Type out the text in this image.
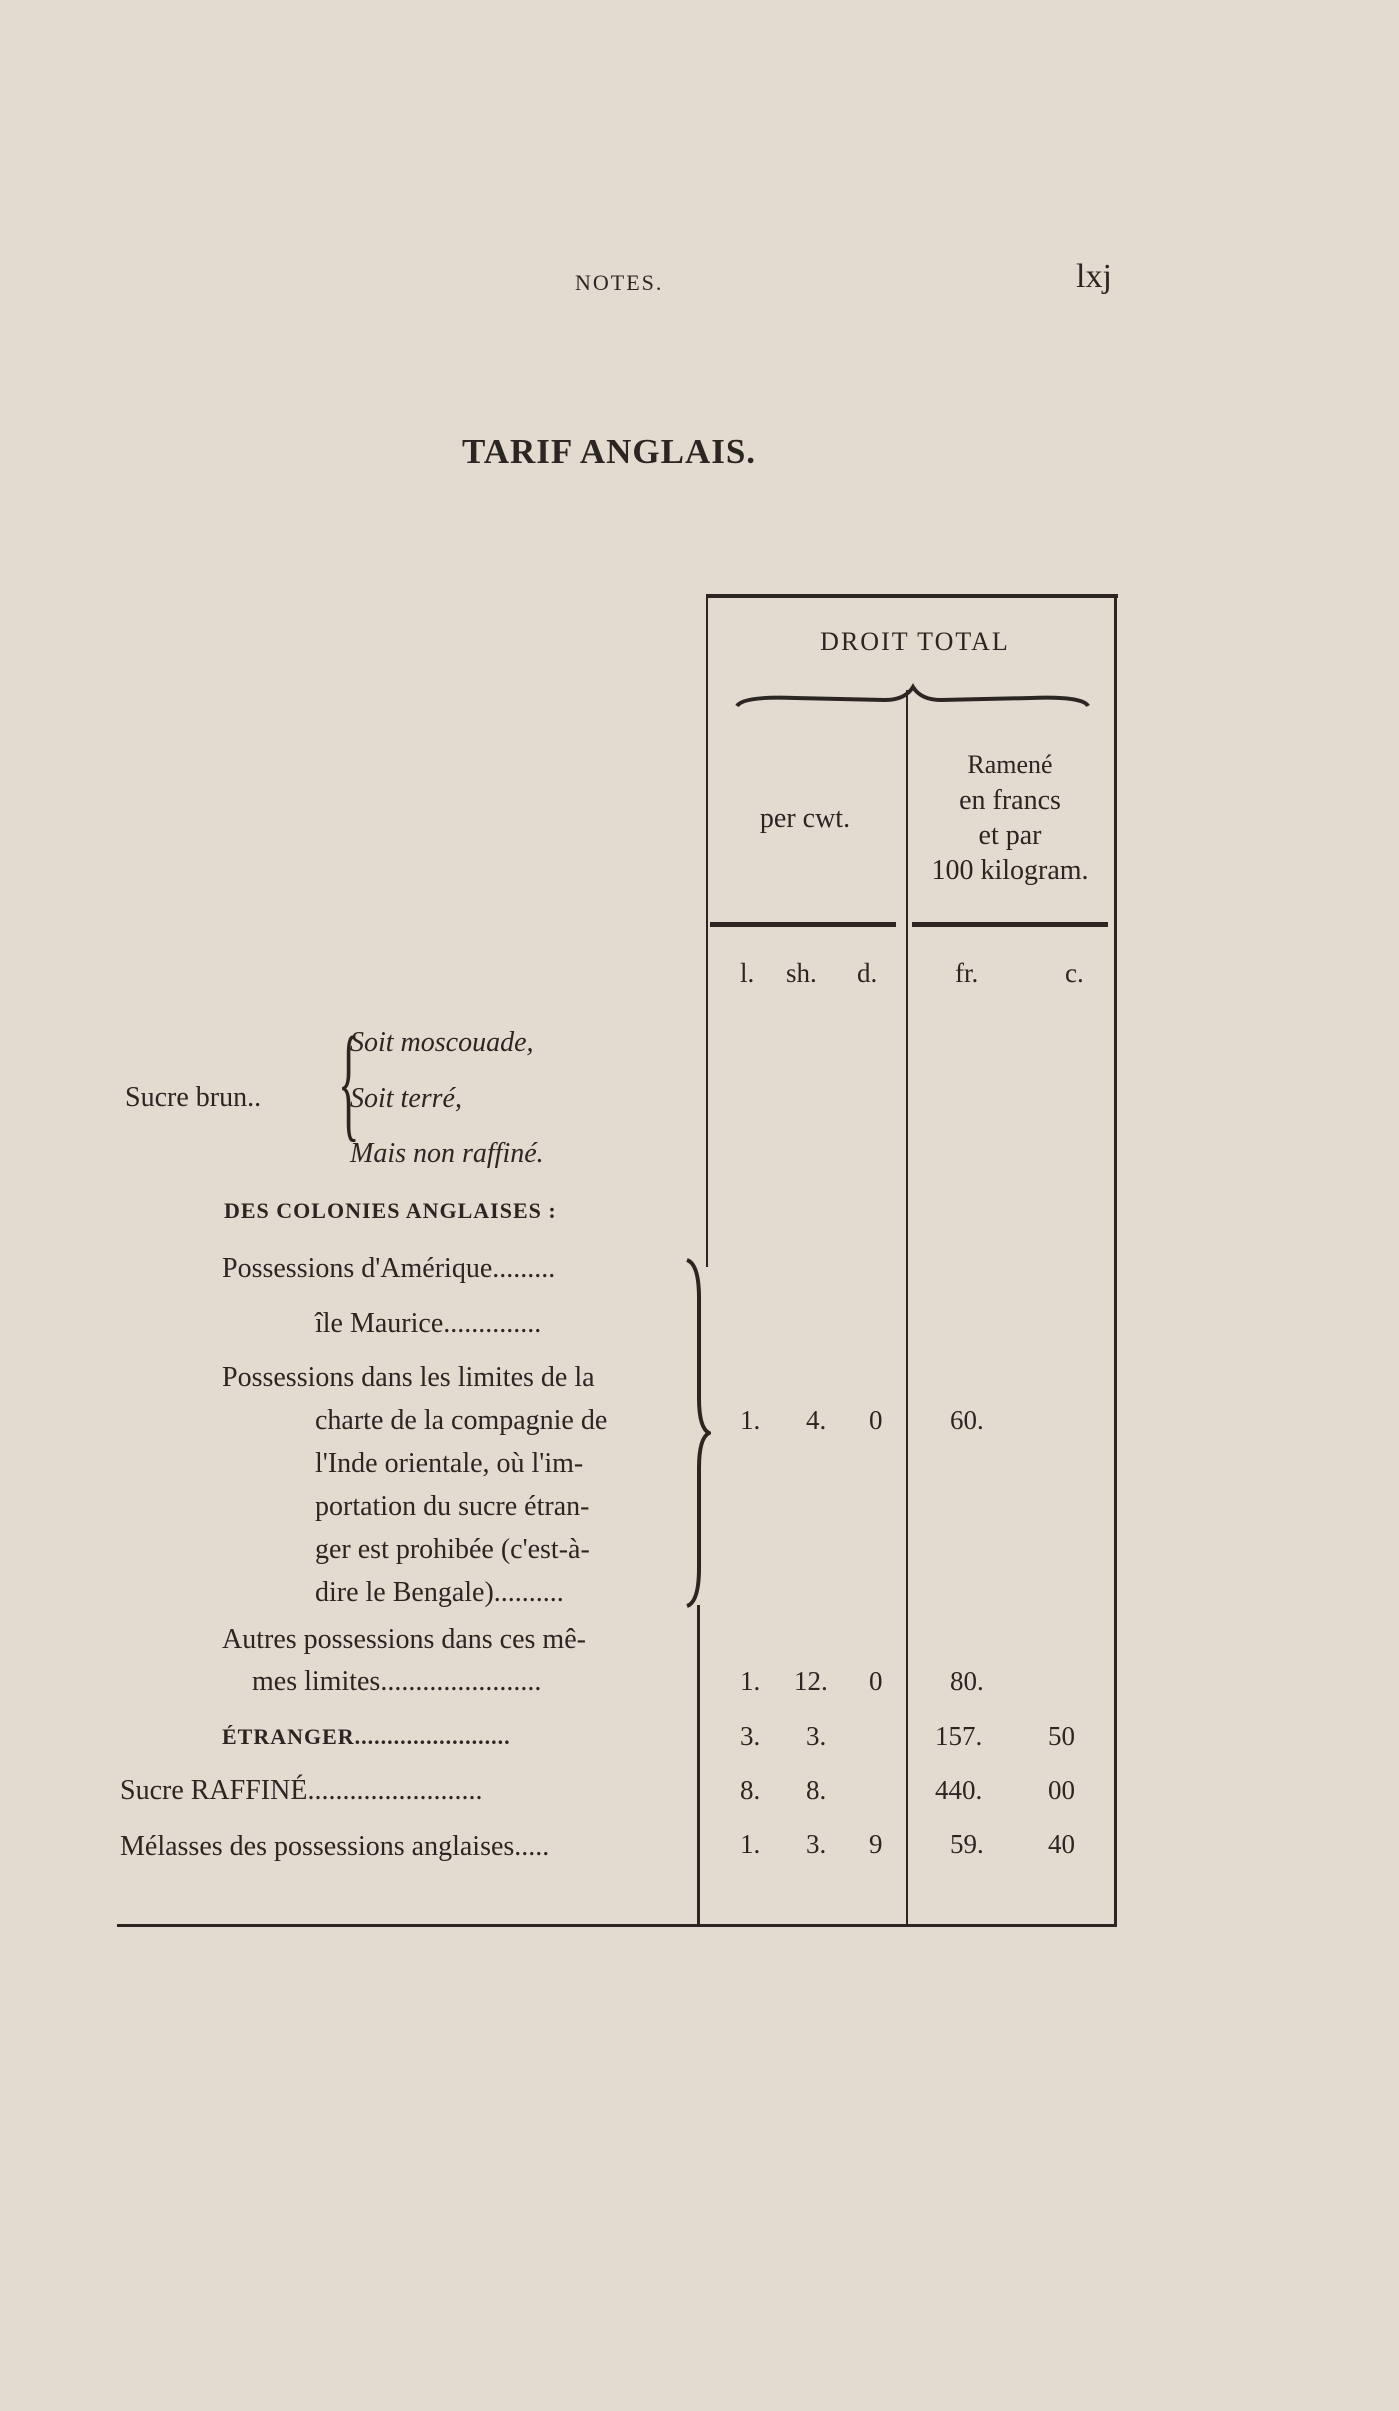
NOTES.	lxj
TARIF ANGLAIS.
DROIT TOTAL
per cwt.
Ramené
en francs
et par
100 kilogram.
l. sh. d.	fr.	c.
Sucre brun.. {
Soit moscouade,
Soit terré,
Mais non raffiné.
DES COLONIES ANGLAISES :
Possessions d'Amérique.........
île Maurice..............
Possessions dans les limites de la
charte de la compagnie de
l'Inde orientale, où l'im-
portation du sucre étran-
ger est prohibée (c'est-à-
dire le Bengale)..........
1. 4. 0	60.
Autres possessions dans ces mê-
mes limites.......................	1. 12. 0	80.
ÉTRANGER........................	3. 3.	157. 50
Sucre RAFFINÉ.........................	8. 8.	440. 00
Mélasses des possessions anglaises.....	1. 3. 9	59. 40
